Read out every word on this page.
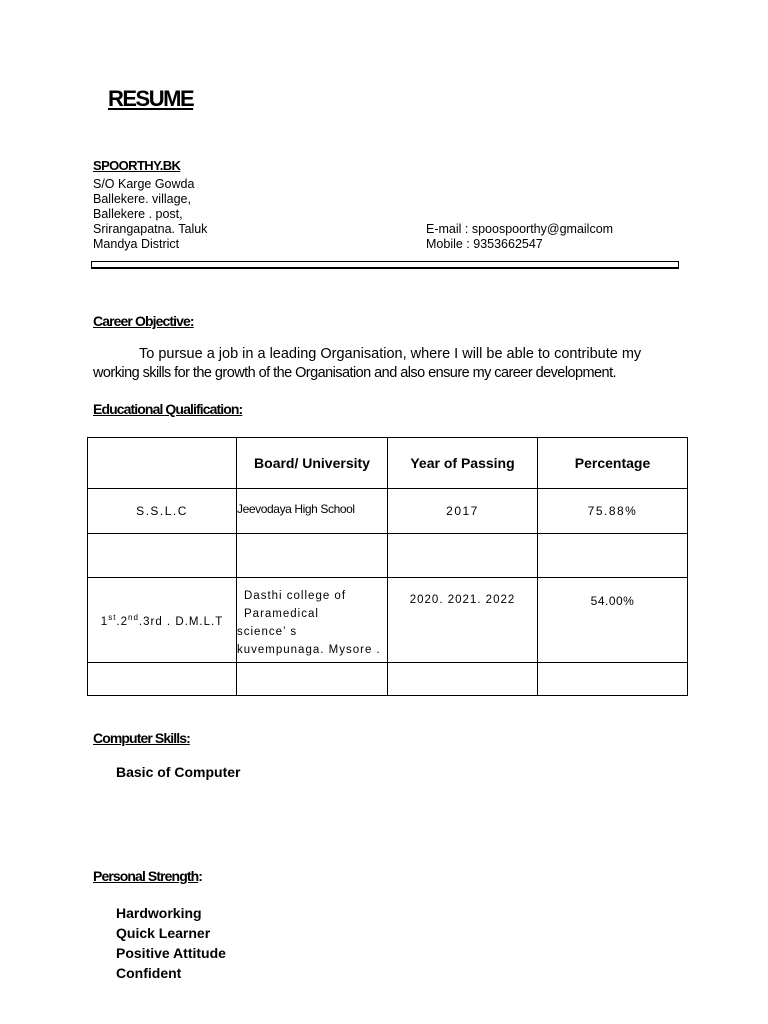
RESUME
SPOORTHY.BK
S/O Karge Gowda
Ballekere. village,
Ballekere . post,
Srirangapatna. Taluk
Mandya District
E-mail : spoospoorthy@gmailcom
Mobile : 9353662547
Career Objective:
To pursue a job in a leading Organisation, where I will be able to contribute my
working skills for the growth of the Organisation and also ensure my career development.
Educational Qualification:
	Board/ University	Year of Passing	Percentage
S.S.L.C	Jeevodaya High School	2017	75.88%

1st.2nd.3rd . D.M.L.T	Dasthi college of
Paramedical
science’ s
kuvempunaga. Mysore .	2020. 2021. 2022	54.00%

Computer Skills:
Basic of Computer
Personal Strength:
Hardworking
Quick Learner
Positive Attitude
Confident
